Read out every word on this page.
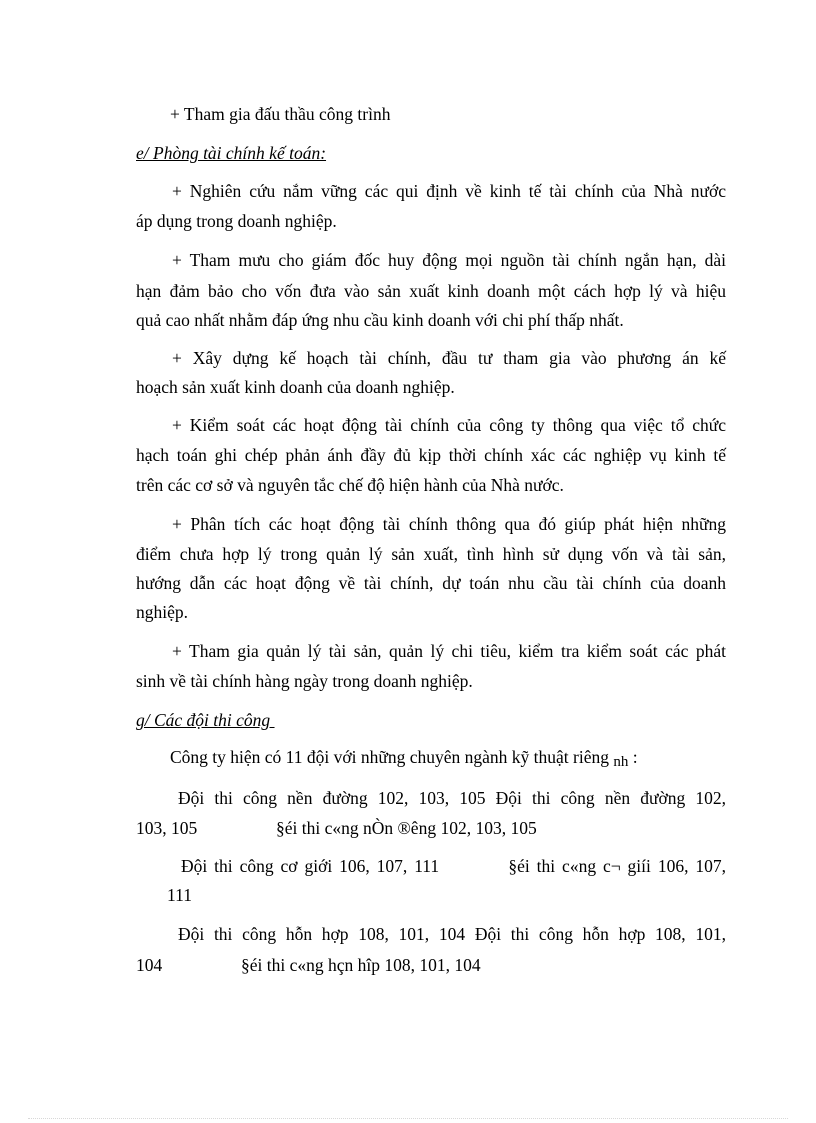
+ Tham gia đấu thầu công trình
e/ Phòng tài chính kế toán:
+ Nghiên cứu nắm vững các qui định về kinh tế tài chính của Nhà nước
áp dụng trong doanh nghiệp.
+ Tham mưu cho giám đốc huy động mọi nguồn tài chính ngắn hạn, dài
hạn đảm bảo cho vốn đưa vào sản xuất kinh doanh một cách hợp lý và hiệu
quả cao nhất nhằm đáp ứng nhu cầu kinh doanh với chi phí thấp nhất.
+ Xây dựng kế hoạch tài chính, đầu tư tham gia vào phương án kế
hoạch sản xuất kinh doanh của doanh nghiệp.
+ Kiểm soát các hoạt động tài chính của công ty thông qua việc tổ chức
hạch toán ghi chép phản ánh đầy đủ kịp thời chính xác các nghiệp vụ kinh tế
trên các cơ sở và nguyên tắc chế độ hiện hành của Nhà nước.
+ Phân tích các hoạt động tài chính thông qua đó giúp phát hiện những
điểm chưa hợp lý trong quản lý sản xuất, tình hình sử dụng vốn và tài sản,
hướng dẫn các hoạt động về tài chính, dự toán nhu cầu tài chính của doanh
nghiệp.
+ Tham gia quản lý tài sản, quản lý chi tiêu, kiểm tra kiểm soát các phát
sinh về tài chính hàng ngày trong doanh nghiệp.
g/ Các đội thi công
Công ty hiện có 11 đội với những chuyên ngành kỹ thuật riêng nh :
Đội thi công nền đường 102, 103, 105 Đội thi công nền đường 102,
103, 105                  §éi thi c«ng nÒn ®êng 102, 103, 105
Đội thi công cơ giới 106, 107, 111          §éi thi c«ng c¬ giíi 106, 107,
111
Đội thi công hỗn hợp 108, 101, 104 Đội thi công hỗn hợp 108, 101,
104                  §éi thi c«ng hçn hîp 108, 101, 104
